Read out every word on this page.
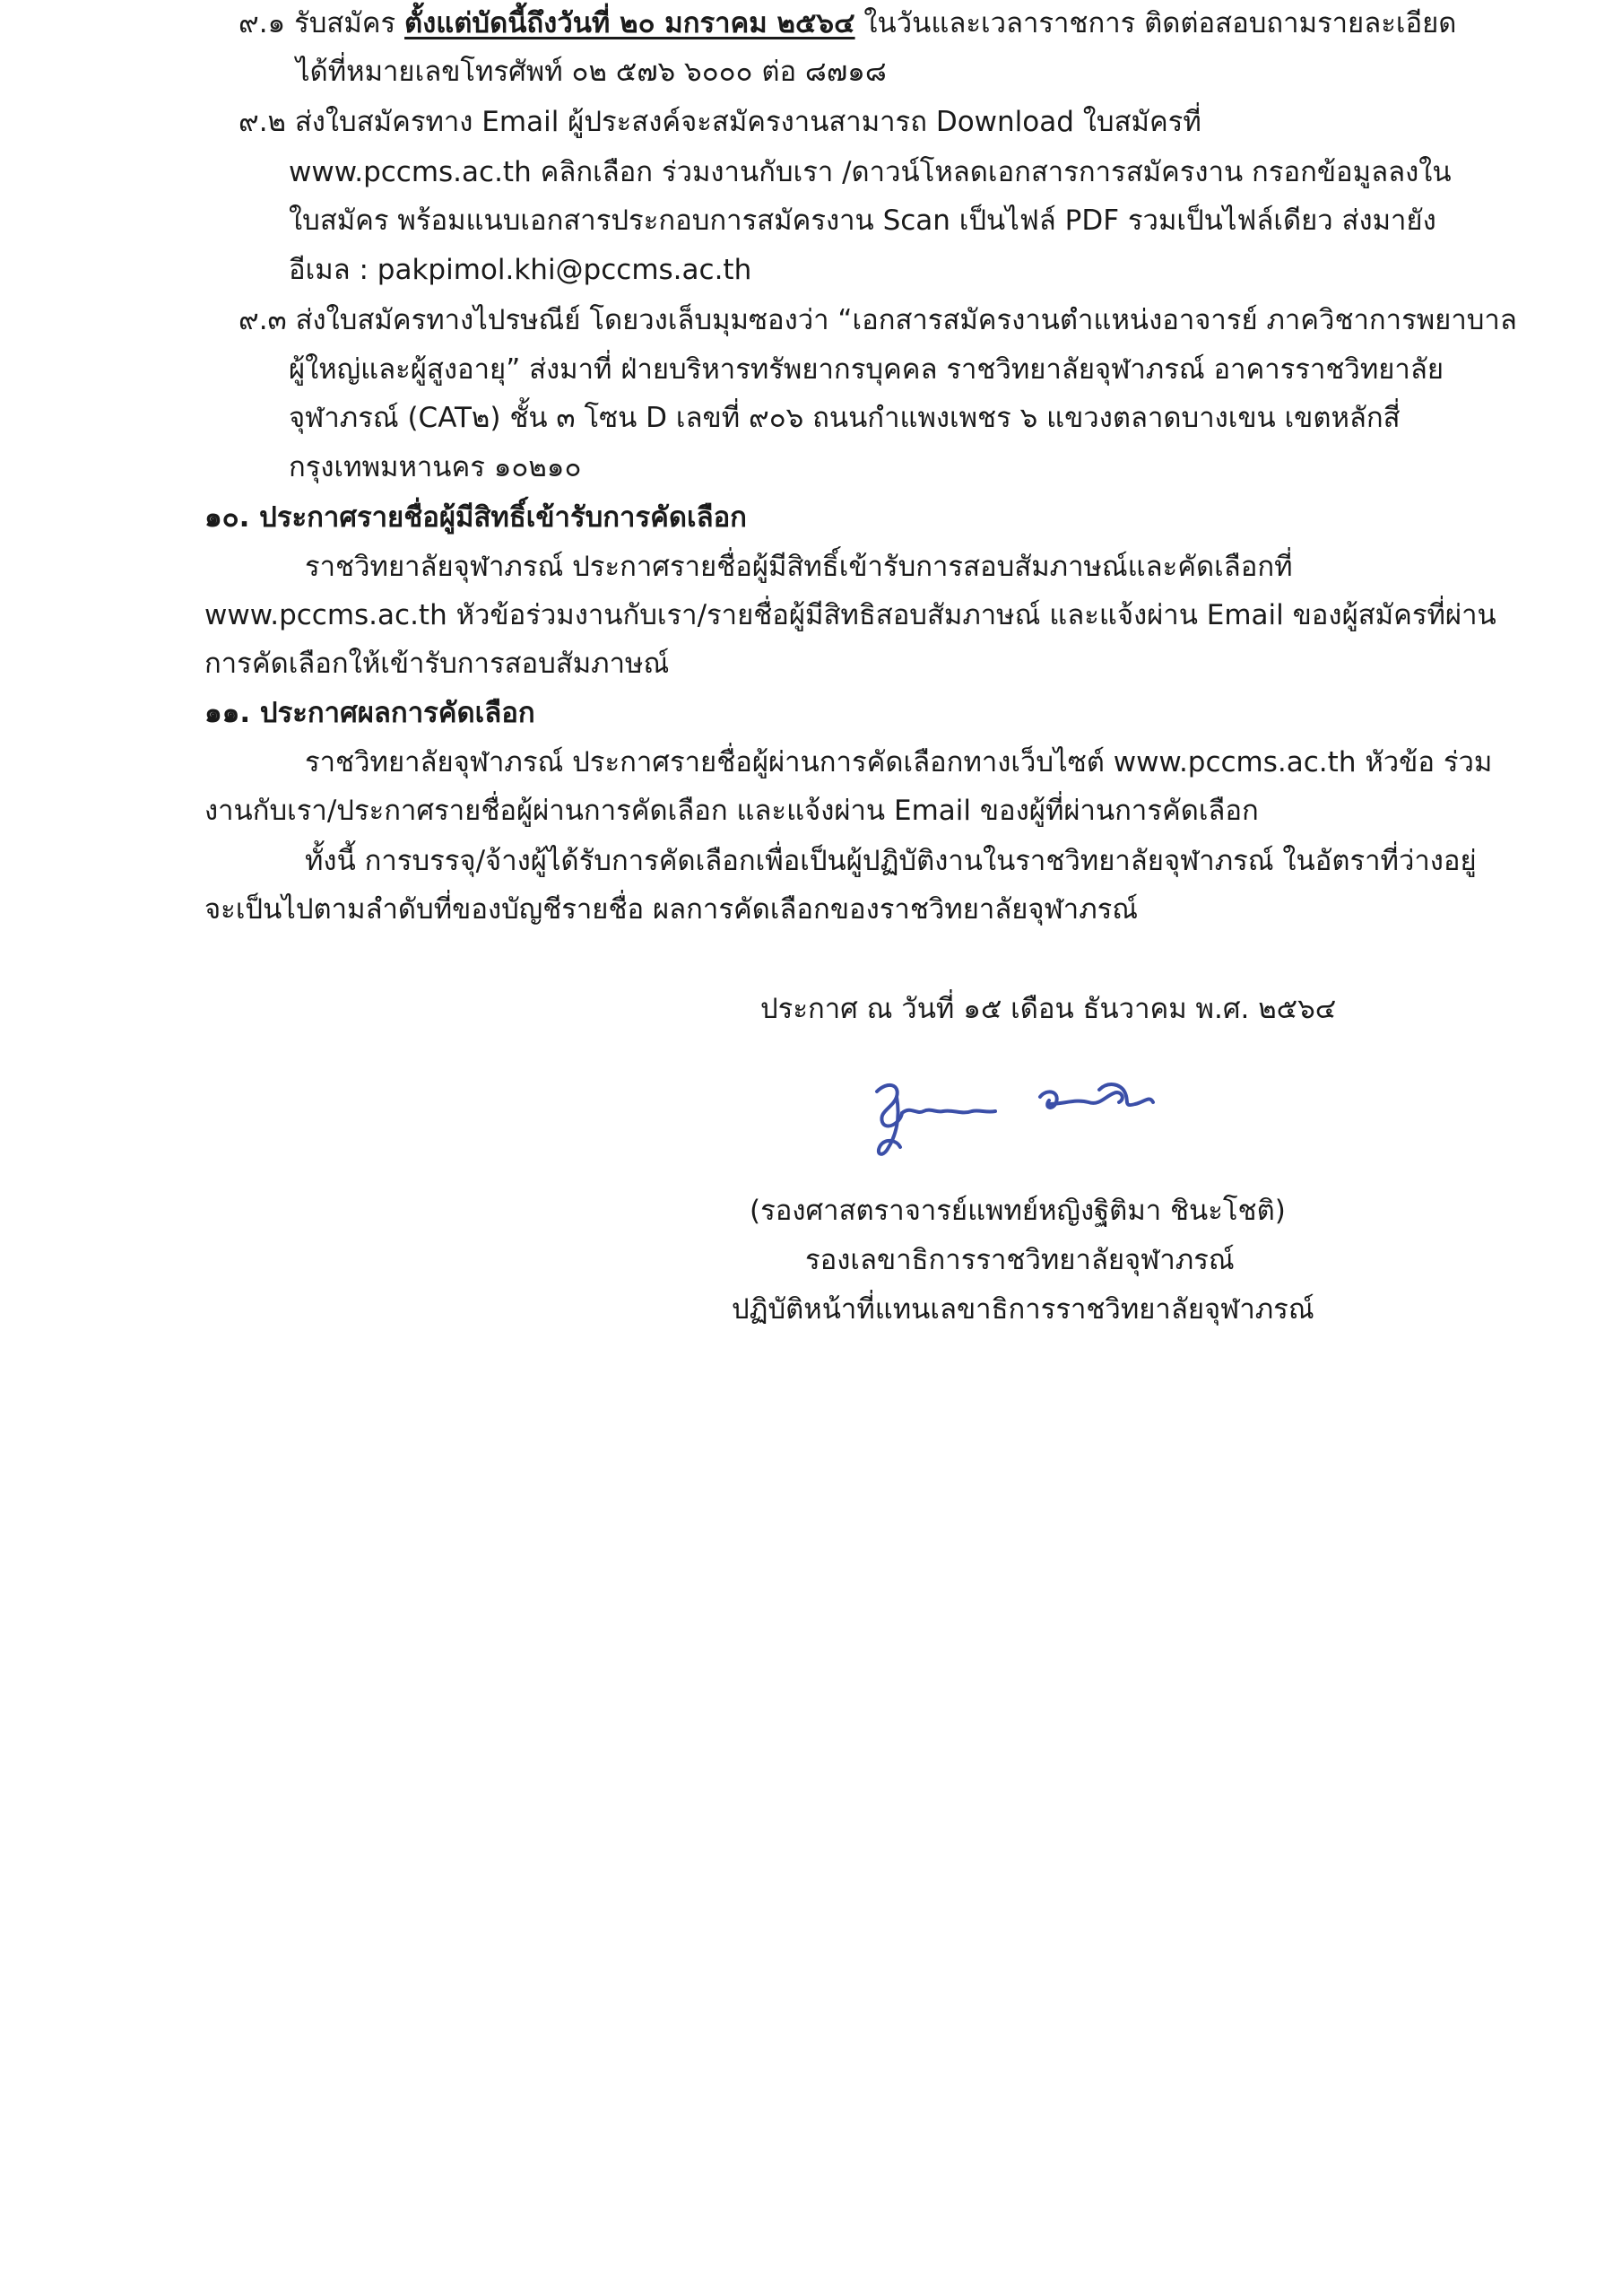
๙.๑ รับสมัคร ตั้งแต่บัดนี้ถึงวันที่ ๒๐ มกราคม ๒๕๖๔ ในวันและเวลาราชการ ติดต่อสอบถามรายละเอียด
ได้ที่หมายเลขโทรศัพท์ ๐๒ ๕๗๖ ๖๐๐๐ ต่อ ๘๗๑๘
๙.๒ ส่งใบสมัครทาง Email ผู้ประสงค์จะสมัครงานสามารถ Download ใบสมัครที่
www.pccms.ac.th คลิกเลือก ร่วมงานกับเรา /ดาวน์โหลดเอกสารการสมัครงาน กรอกข้อมูลลงใน
ใบสมัคร พร้อมแนบเอกสารประกอบการสมัครงาน Scan เป็นไฟล์ PDF รวมเป็นไฟล์เดียว ส่งมายัง
อีเมล : pakpimol.khi@pccms.ac.th
๙.๓ ส่งใบสมัครทางไปรษณีย์ โดยวงเล็บมุมซองว่า “เอกสารสมัครงานตำแหน่งอาจารย์ ภาควิชาการพยาบาล
ผู้ใหญ่และผู้สูงอายุ” ส่งมาที่ ฝ่ายบริหารทรัพยากรบุคคล ราชวิทยาลัยจุฬาภรณ์ อาคารราชวิทยาลัย
จุฬาภรณ์ (CAT๒) ชั้น ๓ โซน D เลขที่ ๙๐๖ ถนนกำแพงเพชร ๖ แขวงตลาดบางเขน เขตหลักสี่
กรุงเทพมหานคร ๑๐๒๑๐
๑๐. ประกาศรายชื่อผู้มีสิทธิ์เข้ารับการคัดเลือก
ราชวิทยาลัยจุฬาภรณ์ ประกาศรายชื่อผู้มีสิทธิ์เข้ารับการสอบสัมภาษณ์และคัดเลือกที่
www.pccms.ac.th หัวข้อร่วมงานกับเรา/รายชื่อผู้มีสิทธิสอบสัมภาษณ์ และแจ้งผ่าน Email ของผู้สมัครที่ผ่าน
การคัดเลือกให้เข้ารับการสอบสัมภาษณ์
๑๑. ประกาศผลการคัดเลือก
ราชวิทยาลัยจุฬาภรณ์ ประกาศรายชื่อผู้ผ่านการคัดเลือกทางเว็บไซต์ www.pccms.ac.th หัวข้อ ร่วม
งานกับเรา/ประกาศรายชื่อผู้ผ่านการคัดเลือก และแจ้งผ่าน Email ของผู้ที่ผ่านการคัดเลือก
ทั้งนี้ การบรรจุ/จ้างผู้ได้รับการคัดเลือกเพื่อเป็นผู้ปฏิบัติงานในราชวิทยาลัยจุฬาภรณ์ ในอัตราที่ว่างอยู่
จะเป็นไปตามลำดับที่ของบัญชีรายชื่อ ผลการคัดเลือกของราชวิทยาลัยจุฬาภรณ์
ประกาศ ณ วันที่ ๑๕ เดือน ธันวาคม พ.ศ. ๒๕๖๔
(รองศาสตราจารย์แพทย์หญิงฐิติมา ชินะโชติ)
รองเลขาธิการราชวิทยาลัยจุฬาภรณ์
ปฏิบัติหน้าที่แทนเลขาธิการราชวิทยาลัยจุฬาภรณ์
